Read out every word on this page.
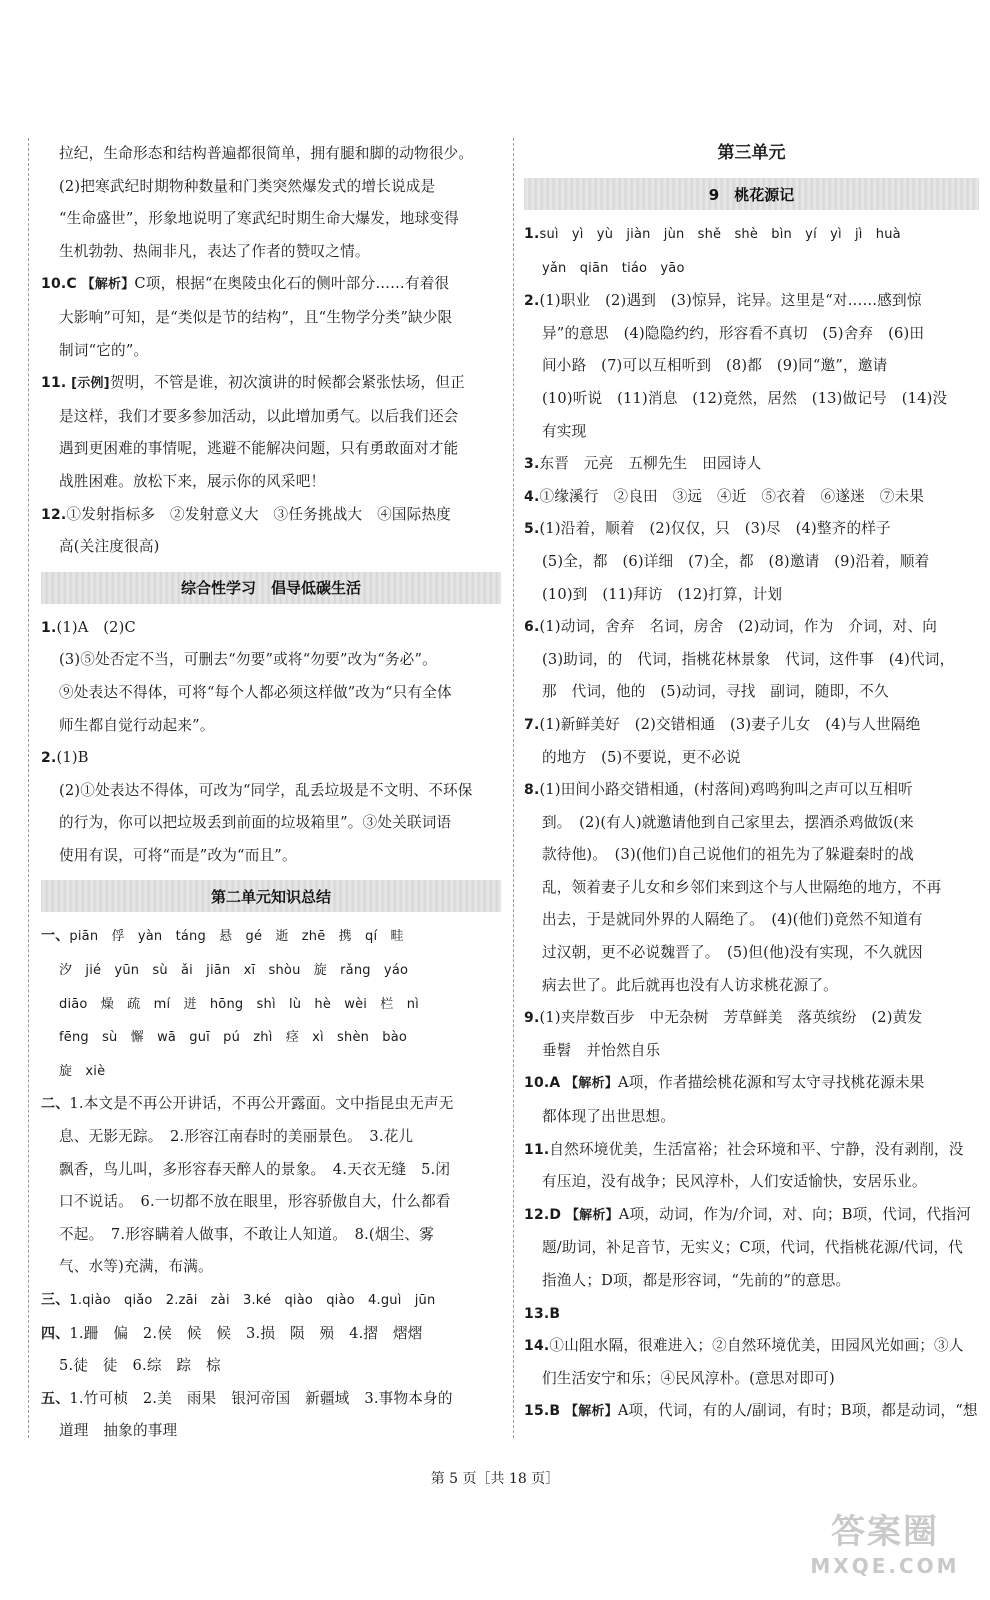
拉纪，生命形态和结构普遍都很简单，拥有腿和脚的动物很少。
(2)把寒武纪时期物种数量和门类突然爆发式的增长说成是
“生命盛世”，形象地说明了寒武纪时期生命大爆发，地球变得
生机勃勃、热闹非凡，表达了作者的赞叹之情。
10.C 【解析】C项，根据“在奥陵虫化石的侧叶部分……有着很
大影响”可知，是“类似是节的结构”，且“生物学分类”缺少限
制词“它的”。
11. [示例]贺明，不管是谁，初次演讲的时候都会紧张怯场，但正
是这样，我们才要多参加活动，以此增加勇气。以后我们还会
遇到更困难的事情呢，逃避不能解决问题，只有勇敢面对才能
战胜困难。放松下来，展示你的风采吧！
12.①发射指标多　②发射意义大　③任务挑战大　④国际热度
高(关注度很高)
综合性学习　倡导低碳生活
1.(1)A　(2)C
(3)⑤处否定不当，可删去“勿要”或将“勿要”改为“务必”。
⑨处表达不得体，可将“每个人都必须这样做”改为“只有全体
师生都自觉行动起来”。
2.(1)B
(2)①处表达不得体，可改为“同学，乱丢垃圾是不文明、不环保
的行为，你可以把垃圾丢到前面的垃圾箱里”。③处关联词语
使用有误，可将“而是”改为“而且”。
第二单元知识总结
一、piān　俘　yàn　táng　悬　gé　逝　zhē　携　qí　畦
汐　jié　yūn　sù　ǎi　jiān　xī　shòu　旋　rǎng　yáo
diāo　燥　疏　mí　迸　hōng　shì　lù　hè　wèi　栏　nì
fēng　sù　懈　wā　guī　pú　zhì　痉　xì　shèn　bào
旋　xiè
二、1.本文是不再公开讲话，不再公开露面。文中指昆虫无声无
息、无影无踪。　2.形容江南春时的美丽景色。　3.花儿
飘香，鸟儿叫，多形容春天醉人的景象。　4.天衣无缝　5.闭
口不说话。　6.一切都不放在眼里，形容骄傲自大，什么都看
不起。　7.形容瞒着人做事，不敢让人知道。　8.(烟尘、雾
气、水等)充满，布满。
三、1.qiào　qiǎo　2.zāi　zài　3.ké　qiào　qiào　4.guì　jūn
四、1.跚　偏　2.侯　候　候　3.损　陨　殒　4.摺　熠熠
5.徒　徒　6.综　踪　棕
五、1.竹可桢　2.美　雨果　银河帝国　新疆域　3.事物本身的
道理　抽象的事理
第三单元
9　桃花源记
1.suì　yì　yù　jiàn　jùn　shě　shè　bìn　yí　yì　jì　huà
yǎn　qiān　tiáo　yāo
2.(1)职业　(2)遇到　(3)惊异，诧异。这里是“对……感到惊
异”的意思　(4)隐隐约约，形容看不真切　(5)舍弃　(6)田
间小路　(7)可以互相听到　(8)都　(9)同“邀”，邀请
(10)听说　(11)消息　(12)竟然，居然　(13)做记号　(14)没
有实现
3.东晋　元亮　五柳先生　田园诗人
4.①缘溪行　②良田　③远　④近　⑤衣着　⑥遂迷　⑦未果
5.(1)沿着，顺着　(2)仅仅，只　(3)尽　(4)整齐的样子
(5)全，都　(6)详细　(7)全，都　(8)邀请　(9)沿着，顺着
(10)到　(11)拜访　(12)打算，计划
6.(1)动词，舍弃　名词，房舍　(2)动词，作为　介词，对、向
(3)助词，的　代词，指桃花林景象　代词，这件事　(4)代词，
那　代词，他的　(5)动词，寻找　副词，随即，不久
7.(1)新鲜美好　(2)交错相通　(3)妻子儿女　(4)与人世隔绝
的地方　(5)不要说，更不必说
8.(1)田间小路交错相通，(村落间)鸡鸣狗叫之声可以互相听
到。　(2)(有人)就邀请他到自己家里去，摆酒杀鸡做饭(来
款待他)。　(3)(他们)自己说他们的祖先为了躲避秦时的战
乱，领着妻子儿女和乡邻们来到这个与人世隔绝的地方，不再
出去，于是就同外界的人隔绝了。　(4)(他们)竟然不知道有
过汉朝，更不必说魏晋了。　(5)但(他)没有实现，不久就因
病去世了。此后就再也没有人访求桃花源了。
9.(1)夹岸数百步　中无杂树　芳草鲜美　落英缤纷　(2)黄发
垂髫　并怡然自乐
10.A 【解析】A项，作者描绘桃花源和写太守寻找桃花源未果
都体现了出世思想。
11.自然环境优美，生活富裕；社会环境和平、宁静，没有剥削，没
有压迫，没有战争；民风淳朴，人们安适愉快，安居乐业。
12.D 【解析】A项，动词，作为/介词，对、向；B项，代词，代指河
题/助词，补足音节，无实义；C项，代词，代指桃花源/代词，代
指渔人；D项，都是形容词，“先前的”的意思。
13.B
14.①山阻水隔，很难进入；②自然环境优美，田园风光如画；③人
们生活安宁和乐；④民风淳朴。(意思对即可)
15.B 【解析】A项，代词，有的人/副词，有时；B项，都是动词，“想
第 5 页［共 18 页］
答案圈
MXQE.COM
